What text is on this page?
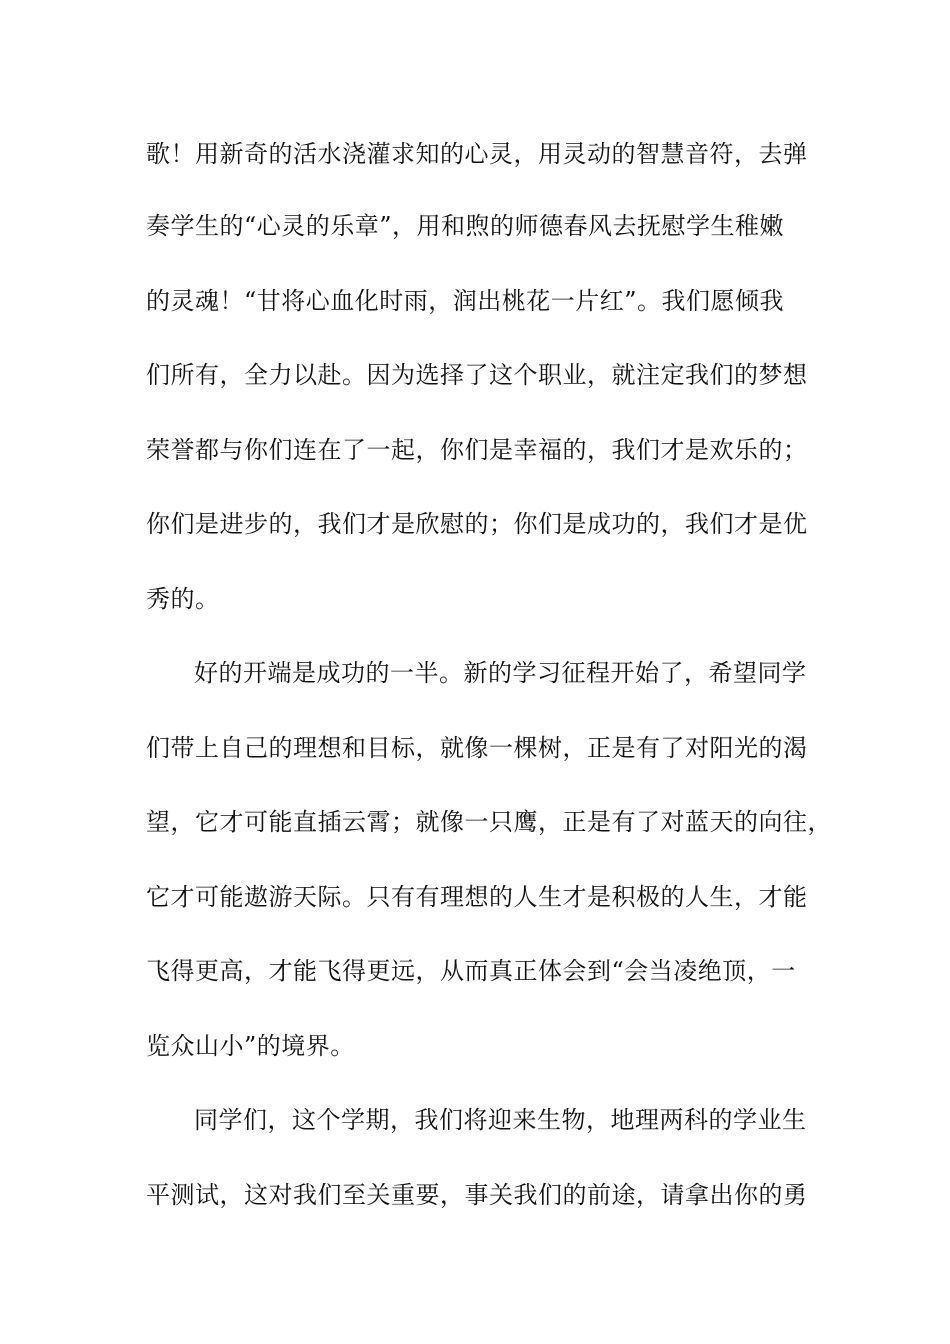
歌！用新奇的活水浇灌求知的心灵，用灵动的智慧音符，去弹

奏学生的“心灵的乐章”，用和煦的师德春风去抚慰学生稚嫩

的灵魂！“甘将心血化时雨，润出桃花一片红”。我们愿倾我

们所有，全力以赴。因为选择了这个职业，就注定我们的梦想

荣誉都与你们连在了一起，你们是幸福的，我们才是欢乐的；

你们是进步的，我们才是欣慰的；你们是成功的，我们才是优

秀的。

好的开端是成功的一半。新的学习征程开始了，希望同学

们带上自己的理想和目标，就像一棵树，正是有了对阳光的渴

望，它才可能直插云霄；就像一只鹰，正是有了对蓝天的向往，

它才可能遨游天际。只有有理想的人生才是积极的人生，才能

飞得更高，才能飞得更远，从而真正体会到“会当凌绝顶，一

览众山小”的境界。

同学们，这个学期，我们将迎来生物，地理两科的学业生

平测试，这对我们至关重要，事关我们的前途，请拿出你的勇
